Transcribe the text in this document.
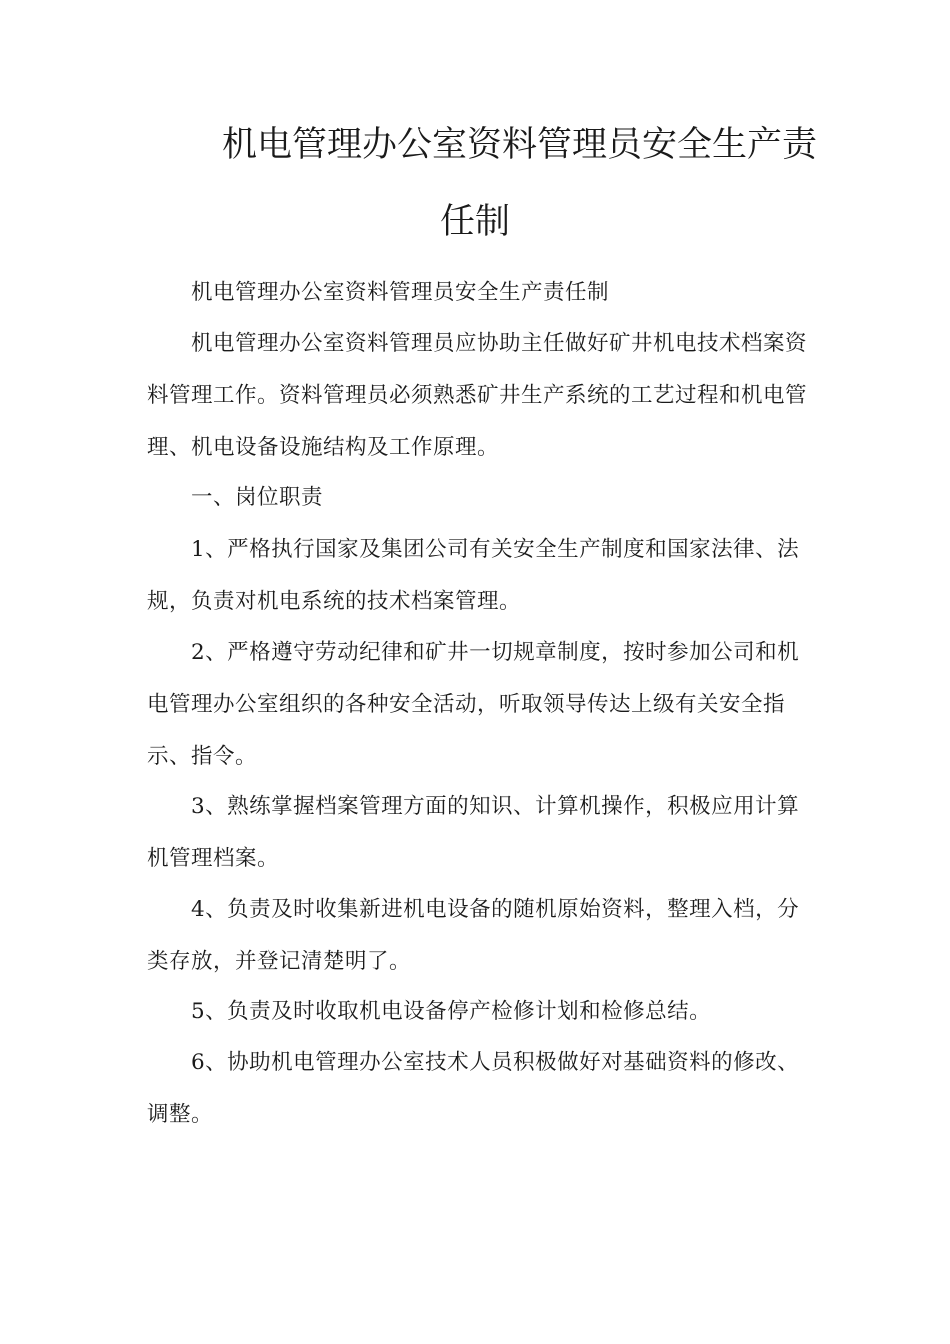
机电管理办公室资料管理员安全生产责
任制

机电管理办公室资料管理员安全生产责任制

机电管理办公室资料管理员应协助主任做好矿井机电技术档案资料管理工作。资料管理员必须熟悉矿井生产系统的工艺过程和机电管理、机电设备设施结构及工作原理。

一、岗位职责

1、严格执行国家及集团公司有关安全生产制度和国家法律、法规，负责对机电系统的技术档案管理。

2、严格遵守劳动纪律和矿井一切规章制度，按时参加公司和机电管理办公室组织的各种安全活动，听取领导传达上级有关安全指示、指令。

3、熟练掌握档案管理方面的知识、计算机操作，积极应用计算机管理档案。

4、负责及时收集新进机电设备的随机原始资料，整理入档，分类存放，并登记清楚明了。

5、负责及时收取机电设备停产检修计划和检修总结。

6、协助机电管理办公室技术人员积极做好对基础资料的修改、调整。
